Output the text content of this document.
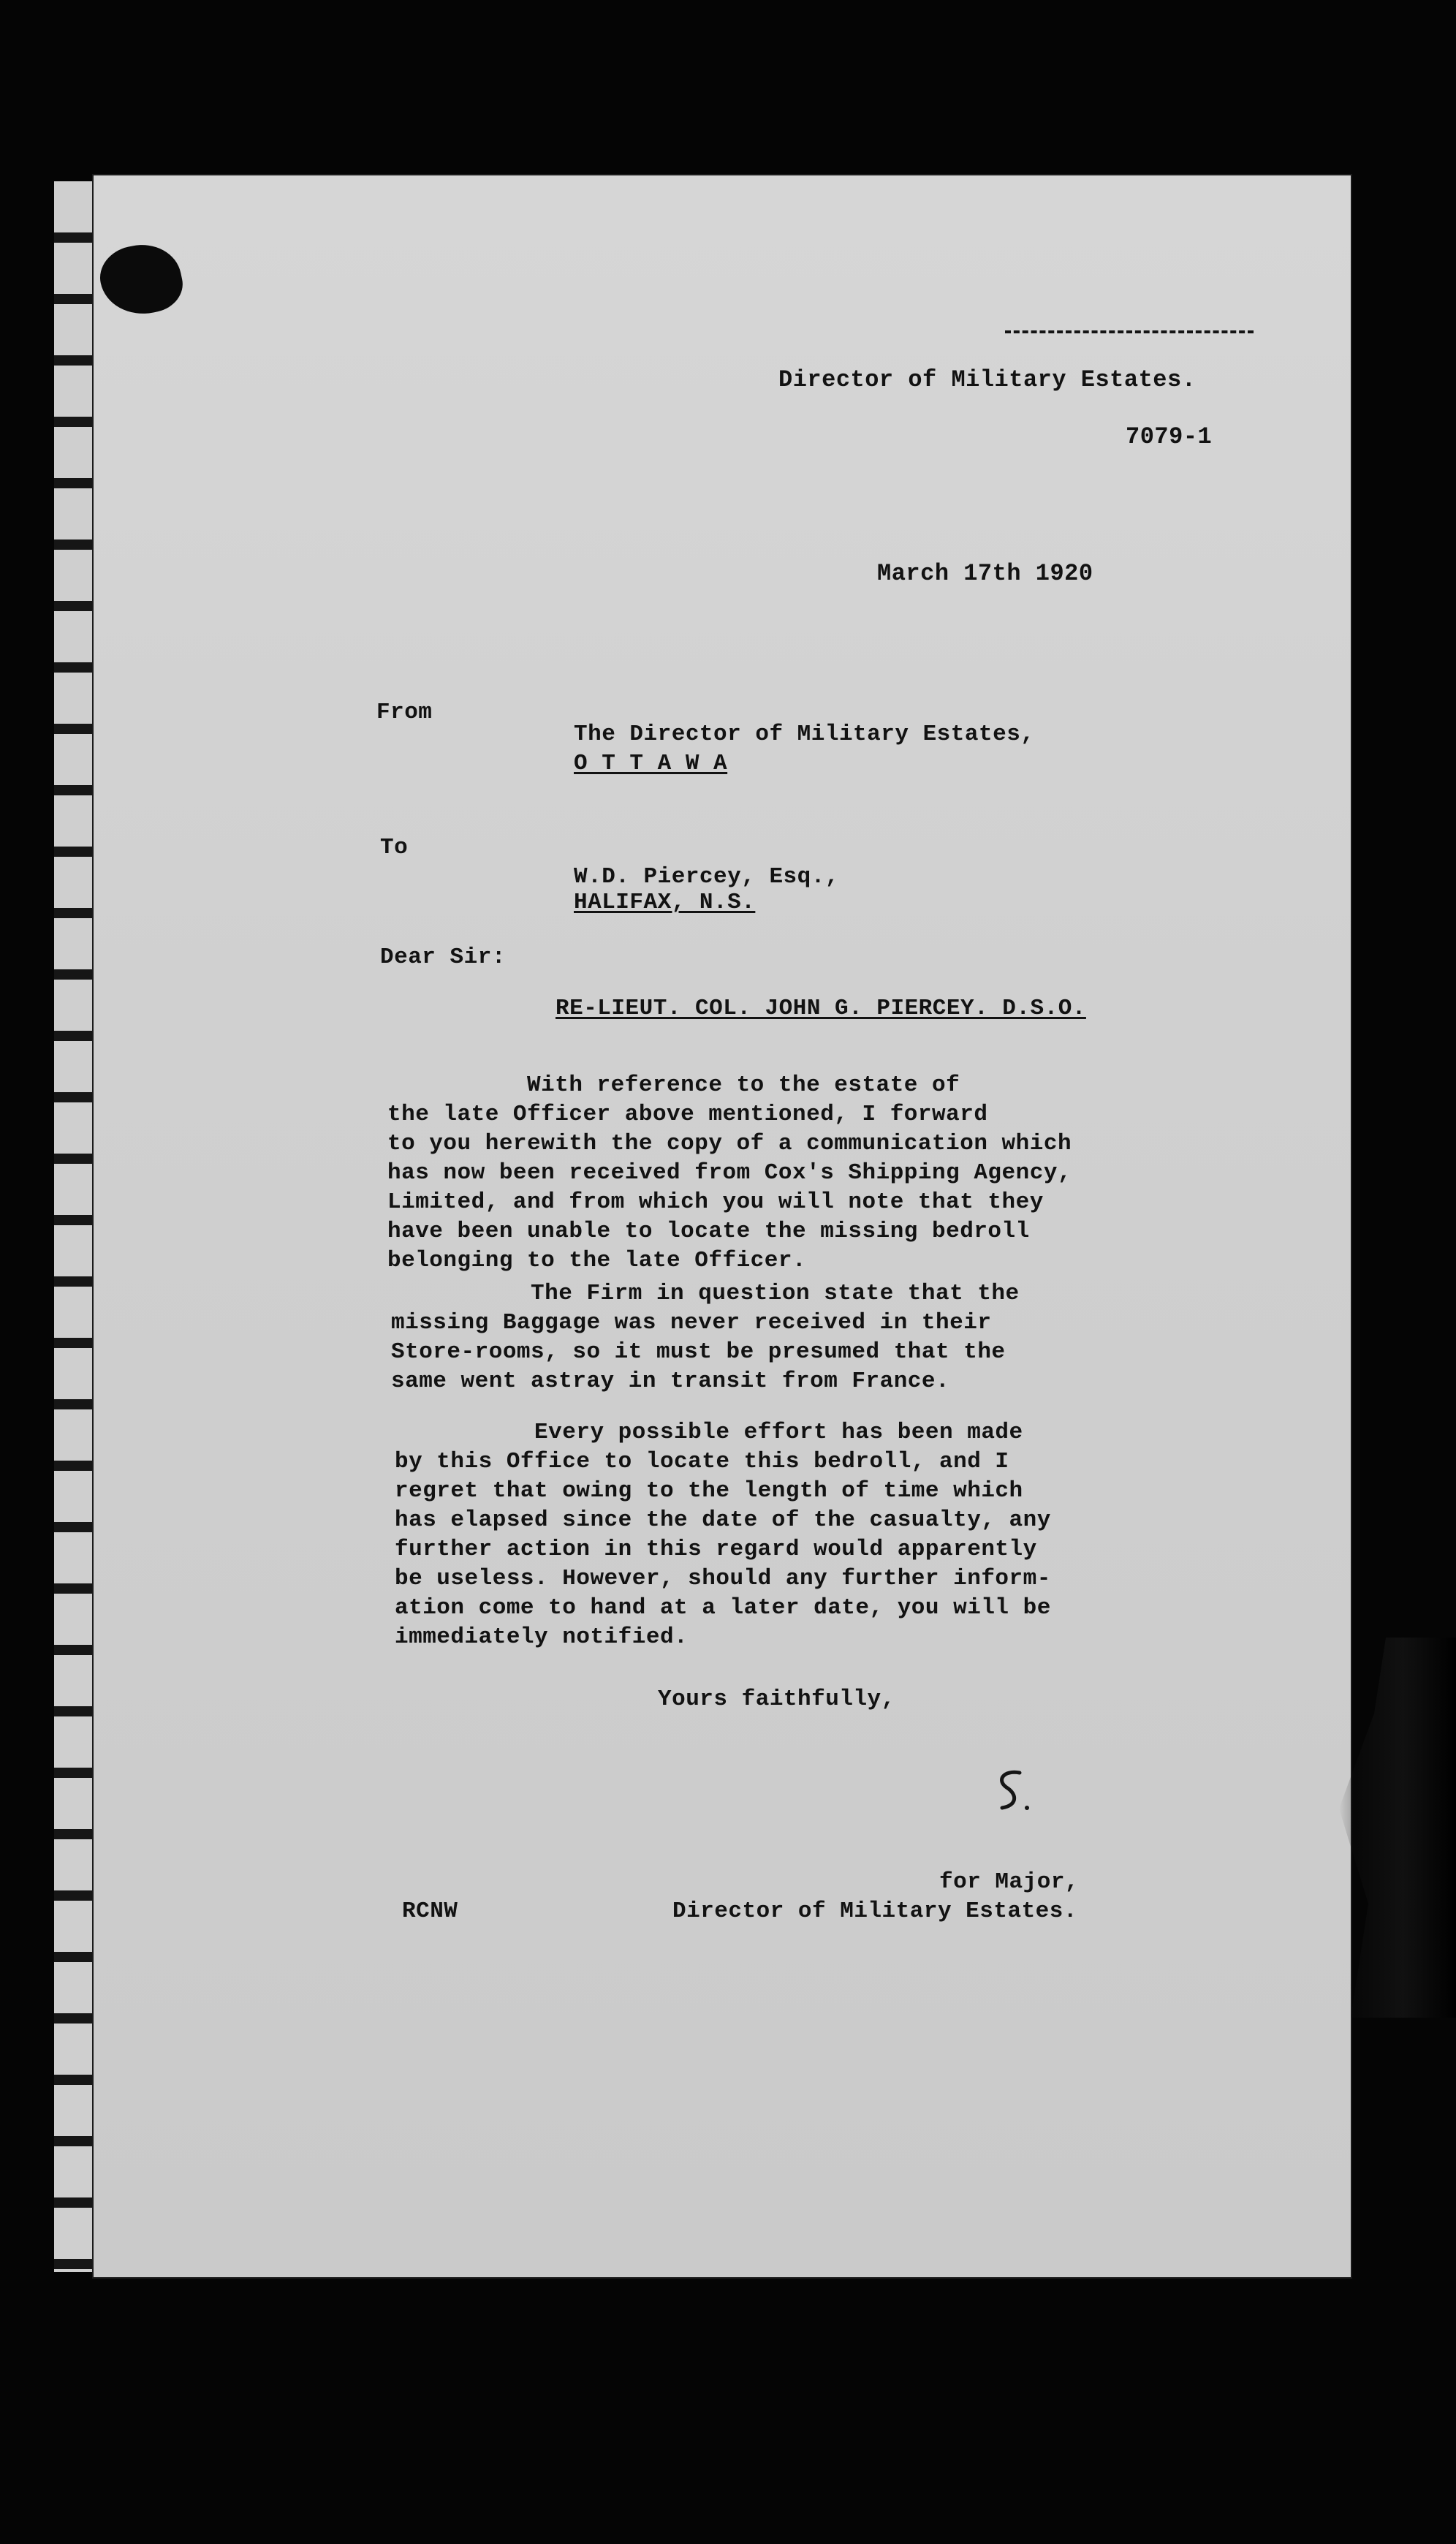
Director of Military Estates.
7079-1
March 17th 1920
From
The Director of Military Estates,
O T T A W A
To
W.D. Piercey, Esq.,
HALIFAX, N.S.
Dear Sir:
RE-LIEUT. COL. JOHN G. PIERCEY. D.S.O.
With reference to the estate of
the late Officer above mentioned, I forward
to you herewith the copy of a communication which
has now been received from Cox's Shipping Agency,
Limited, and from which you will note that they
have been unable to locate the missing bedroll
belonging to the late Officer.
The Firm in question state that the
missing Baggage was never received in their
Store-rooms, so it must be presumed that the
same went astray in transit from France.
Every possible effort has been made
by this Office to locate this bedroll, and I
regret that owing to the length of time which
has elapsed since the date of the casualty, any
further action in this regard would apparently
be useless. However, should any further inform-
ation come to hand at a later date, you will be
immediately notified.
Yours faithfully,
for Major,
Director of Military Estates.
RCNW
